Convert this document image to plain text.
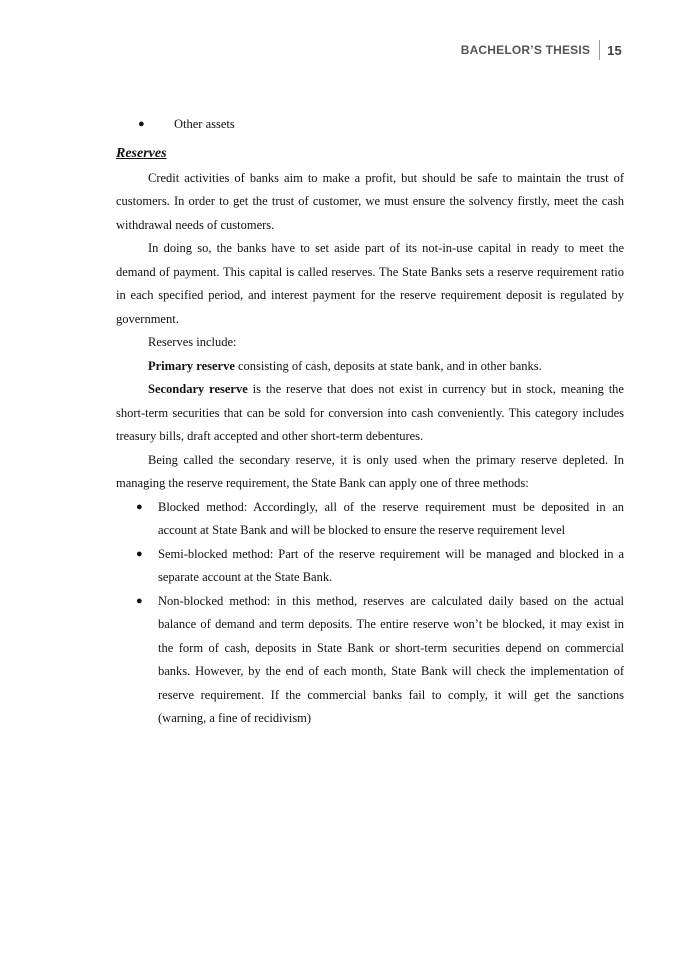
BACHELOR’S THESIS 15
● Other assets
Reserves

Credit activities of banks aim to make a profit, but should be safe to maintain the trust of customers. In order to get the trust of customer, we must ensure the solvency firstly, meet the cash withdrawal needs of customers.

In doing so, the banks have to set aside part of its not-in-use capital in ready to meet the demand of payment. This capital is called reserves. The State Banks sets a reserve requirement ratio in each specified period, and interest payment for the reserve requirement deposit is regulated by government.

Reserves include:

Primary reserve consisting of cash, deposits at state bank, and in other banks.

Secondary reserve is the reserve that does not exist in currency but in stock, meaning the short-term securities that can be sold for conversion into cash conveniently. This category includes treasury bills, draft accepted and other short-term debentures.

Being called the secondary reserve, it is only used when the primary reserve depleted. In managing the reserve requirement, the State Bank can apply one of three methods:

● Blocked method: Accordingly, all of the reserve requirement must be deposited in an account at State Bank and will be blocked to ensure the reserve requirement level
● Semi-blocked method: Part of the reserve requirement will be managed and blocked in a separate account at the State Bank.
● Non-blocked method: in this method, reserves are calculated daily based on the actual balance of demand and term deposits. The entire reserve won’t be blocked, it may exist in the form of cash, deposits in State Bank or short-term securities depend on commercial banks. However, by the end of each month, State Bank will check the implementation of reserve requirement. If the commercial banks fail to comply, it will get the sanctions (warning, a fine of recidivism)
